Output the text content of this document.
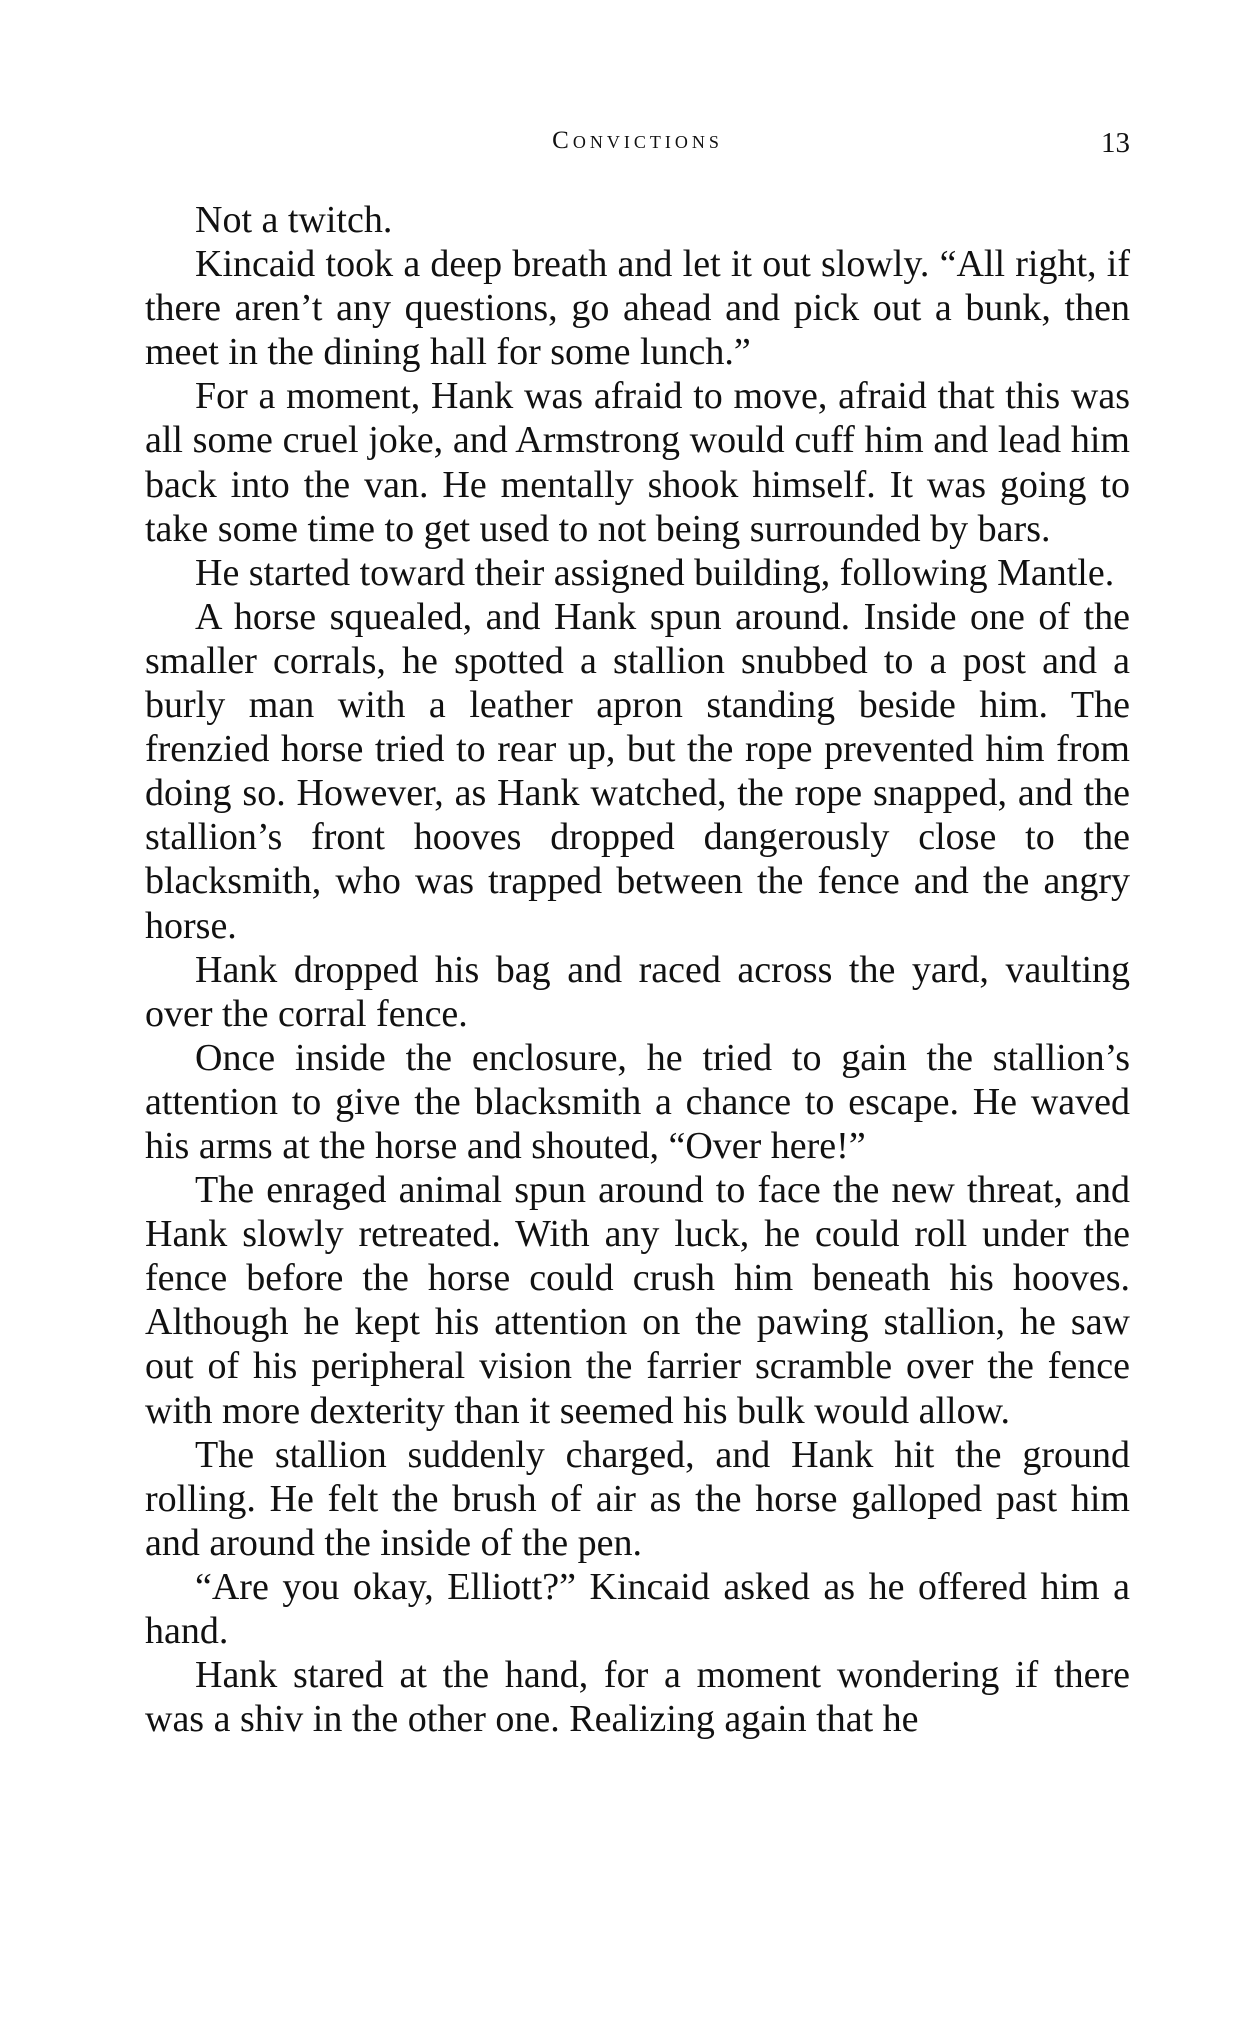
Convictions	13

Not a twitch.

Kincaid took a deep breath and let it out slowly. “All right, if there aren’t any questions, go ahead and pick out a bunk, then meet in the dining hall for some lunch.”

For a moment, Hank was afraid to move, afraid that this was all some cruel joke, and Armstrong would cuff him and lead him back into the van. He mentally shook himself. It was going to take some time to get used to not being surrounded by bars.

He started toward their assigned building, following Mantle.

A horse squealed, and Hank spun around. Inside one of the smaller corrals, he spotted a stallion snubbed to a post and a burly man with a leather apron standing beside him. The frenzied horse tried to rear up, but the rope prevented him from doing so. However, as Hank watched, the rope snapped, and the stallion’s front hooves dropped dangerously close to the blacksmith, who was trapped between the fence and the angry horse.

Hank dropped his bag and raced across the yard, vaulting over the corral fence.

Once inside the enclosure, he tried to gain the stallion’s attention to give the blacksmith a chance to escape. He waved his arms at the horse and shouted, “Over here!”

The enraged animal spun around to face the new threat, and Hank slowly retreated. With any luck, he could roll under the fence before the horse could crush him beneath his hooves. Although he kept his attention on the pawing stallion, he saw out of his peripheral vision the farrier scramble over the fence with more dexterity than it seemed his bulk would allow.

The stallion suddenly charged, and Hank hit the ground rolling. He felt the brush of air as the horse galloped past him and around the inside of the pen.

“Are you okay, Elliott?” Kincaid asked as he offered him a hand.

Hank stared at the hand, for a moment wondering if there was a shiv in the other one. Realizing again that he
